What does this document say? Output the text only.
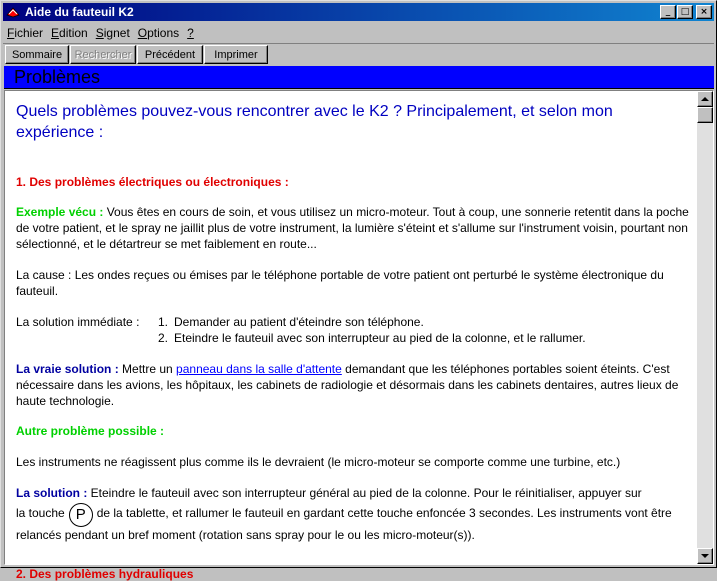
Aide du fauteuil K2	_ □ ×
Fichier Edition Signet Options ?
Sommaire	Rechercher	Précédent	Imprimer
Problèmes
Quels problèmes pouvez-vous rencontrer avec le K2 ? Principalement, et selon mon expérience :
1. Des problèmes électriques ou électroniques :

Exemple vécu : Vous êtes en cours de soin, et vous utilisez un micro-moteur. Tout à coup, une sonnerie retentit dans la poche de votre patient, et le spray ne jaillit plus de votre instrument, la lumière s'éteint et s'allume sur l'instrument voisin, pourtant non sélectionné, et le détartreur se met faiblement en route...

La cause : Les ondes reçues ou émises par le téléphone portable de votre patient ont perturbé le système électronique du fauteuil.

La solution immédiate :	1. Demander au patient d'éteindre son téléphone.
2. Eteindre le fauteuil avec son interrupteur au pied de la colonne, et le rallumer.

La vraie solution : Mettre un panneau dans la salle d'attente demandant que les téléphones portables soient éteints. C'est nécessaire dans les avions, les hôpitaux, les cabinets de radiologie et désormais dans les cabinets dentaires, autres lieux de haute technologie.

Autre problème possible :

Les instruments ne réagissent plus comme ils le devraient (le micro-moteur se comporte comme une turbine, etc.)

La solution : Eteindre le fauteuil avec son interrupteur général au pied de la colonne. Pour le réinitialiser, appuyer sur

la touche P de la tablette, et rallumer le fauteuil en gardant cette touche enfoncée 3 secondes. Les instruments vont être relancés pendant un bref moment (rotation sans spray pour le ou les micro-moteur(s)).

2. Des problèmes hydrauliques
